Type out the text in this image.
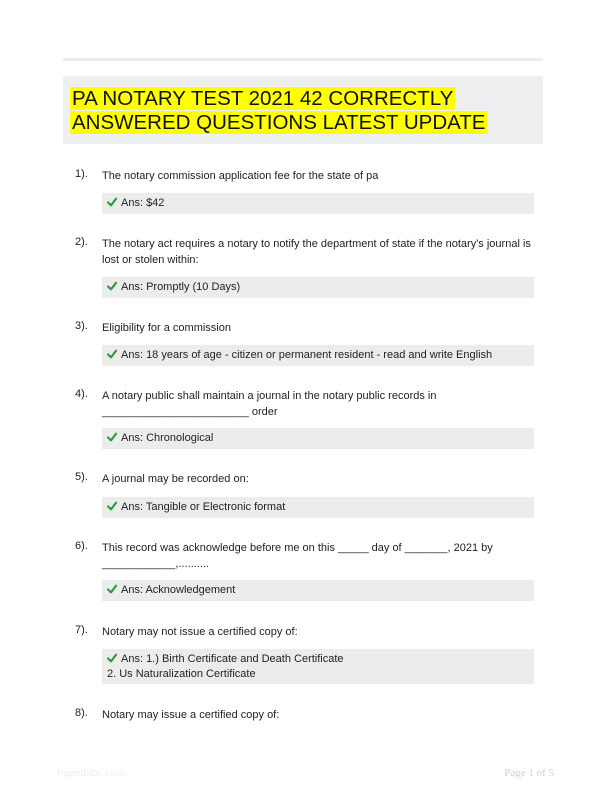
PA NOTARY TEST 2021 42 CORRECTLY ANSWERED QUESTIONS LATEST UPDATE
1). The notary commission application fee for the state of pa
Ans: $42
2). The notary act requires a notary to notify the department of state if the notary's journal is lost or stolen within:
Ans: Promptly (10 Days)
3). Eligibility for a commission
Ans: 18 years of age - citizen or permanent resident - read and write English
4). A notary public shall maintain a journal in the notary public records in ________________________ order
Ans: Chronological
5). A journal may be recorded on:
Ans: Tangible or Electronic format
6). This record was acknowledge before me on this _____ day of _______, 2021 by ____________,..........
Ans: Acknowledgement
7). Notary may not issue a certified copy of:
Ans: 1.) Birth Certificate and Death Certificate
2. Us Naturalization Certificate
8). Notary may issue a certified copy of:
Paperbtbc.com	Page 1 of 5
